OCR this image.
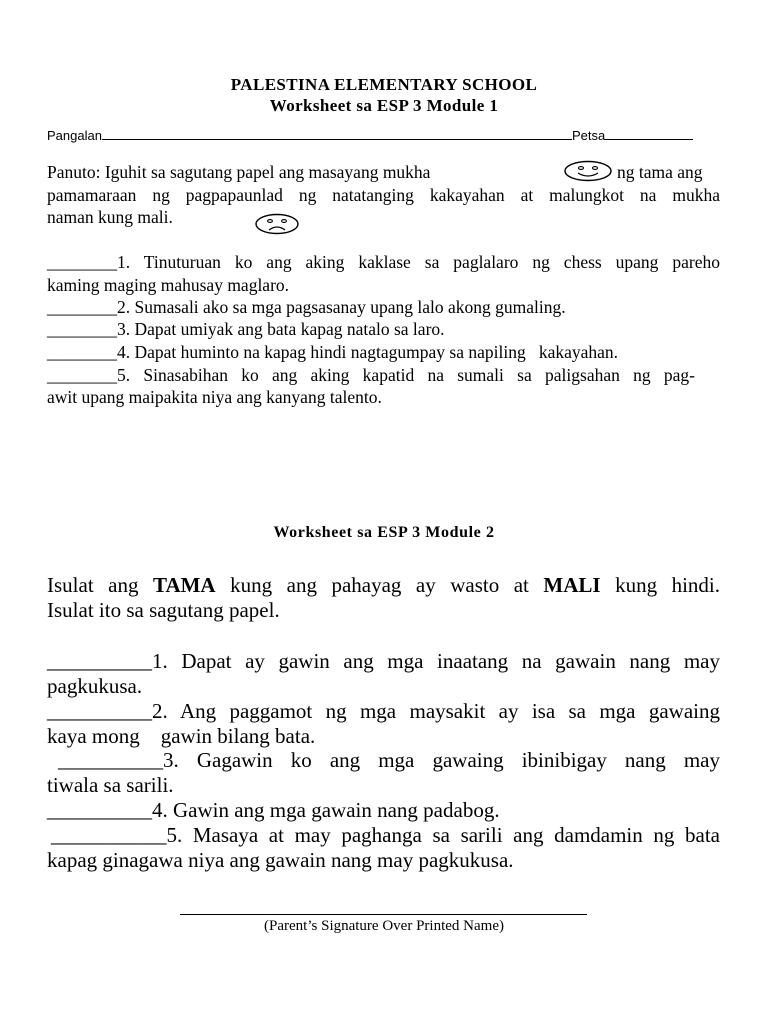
PALESTINA ELEMENTARY SCHOOL
Worksheet sa ESP 3 Module 1
Pangalan	Petsa
Panuto: Iguhit sa sagutang papel ang masayang mukha	ng tama ang
pamamaraan ng pagpapaunlad ng natatanging kakayahan at malungkot na mukha
naman kung mali.
________1. Tinuturuan ko ang aking kaklase sa paglalaro ng chess upang pareho
kaming maging mahusay maglaro.
________2. Sumasali ako sa mga pagsasanay upang lalo akong gumaling.
________3. Dapat umiyak ang bata kapag natalo sa laro.
________4. Dapat huminto na kapag hindi nagtagumpay sa napiling   kakayahan.
________5. Sinasabihan ko ang aking kapatid na sumali sa paligsahan ng pag-
awit upang maipakita niya ang kanyang talento.
Worksheet sa ESP 3 Module 2
Isulat ang TAMA kung ang pahayag ay wasto at MALI kung hindi.
Isulat ito sa sagutang papel.
__________1. Dapat ay gawin ang mga inaatang na gawain nang may
pagkukusa.
__________2. Ang paggamot ng mga maysakit ay isa sa mga gawaing
kaya mong    gawin bilang bata.
__________3. Gagawin ko ang mga gawaing ibinibigay nang may
tiwala sa sarili.
__________4. Gawin ang mga gawain nang padabog.
___________5. Masaya at may paghanga sa sarili ang damdamin ng bata
kapag ginagawa niya ang gawain nang may pagkukusa.
(Parent’s Signature Over Printed Name)
